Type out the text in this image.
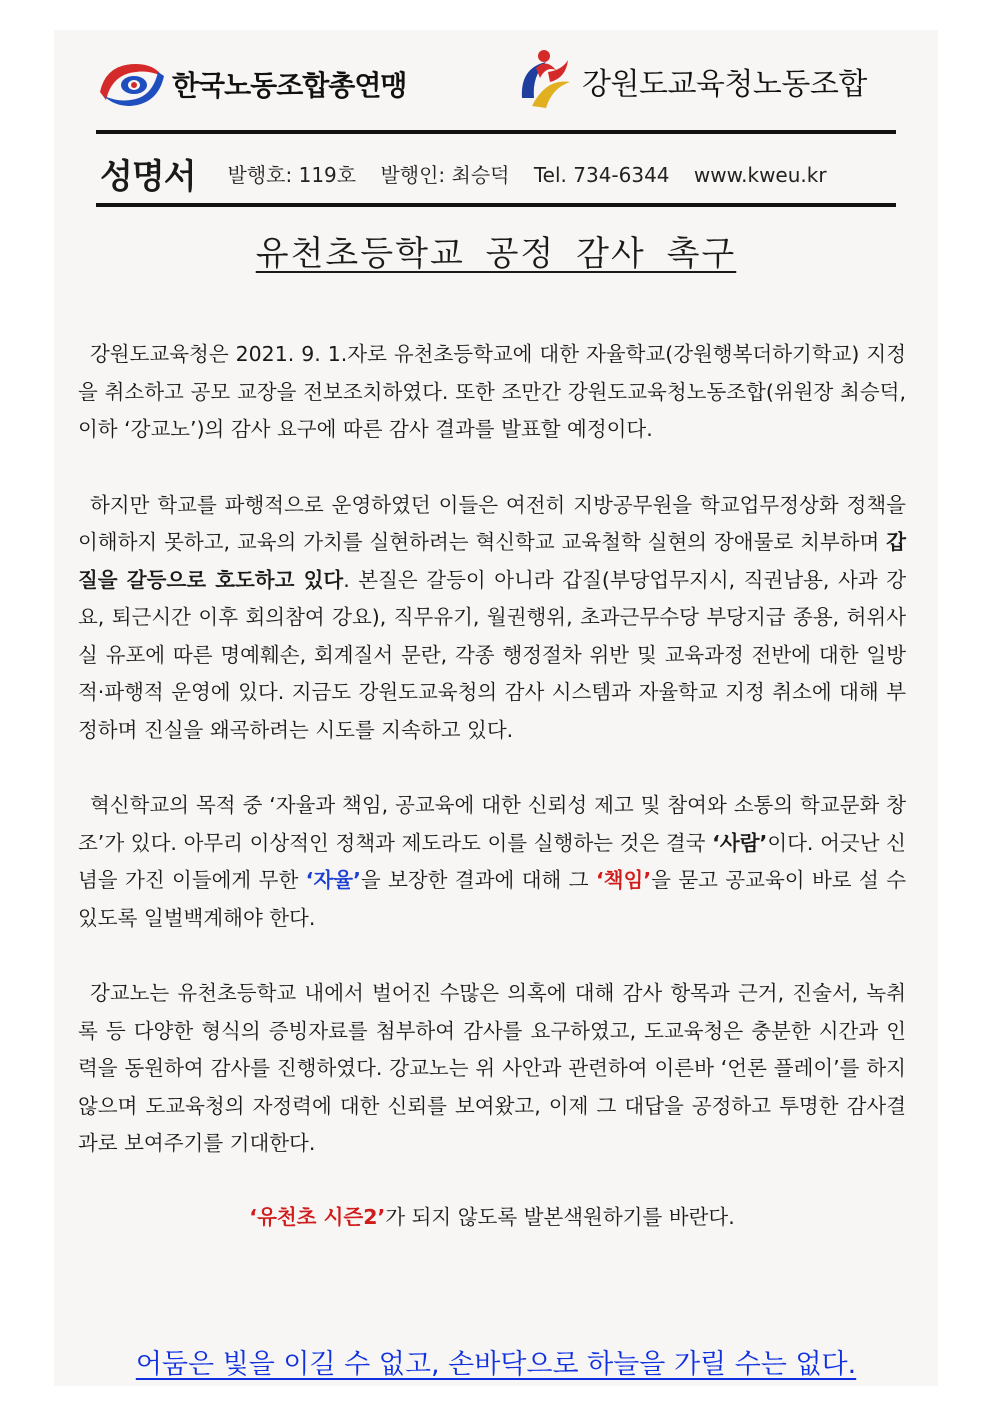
한국노동조합총연맹	강원도교육청노동조합
성명서 발행호: 119호 발행인: 최승덕 Tel. 734-6344 www.kweu.kr
유천초등학교 공정 감사 촉구

강원도교육청은 2021. 9. 1.자로 유천초등학교에 대한 자율학교(강원행복더하기학교) 지정을 취소하고 공모 교장을 전보조치하였다. 또한 조만간 강원도교육청노동조합(위원장 최승덕, 이하 ‘강교노’)의 감사 요구에 따른 감사 결과를 발표할 예정이다.

하지만 학교를 파행적으로 운영하였던 이들은 여전히 지방공무원을 학교업무정상화 정책을 이해하지 못하고, 교육의 가치를 실현하려는 혁신학교 교육철학 실현의 장애물로 치부하며 갑질을 갈등으로 호도하고 있다. 본질은 갈등이 아니라 갑질(부당업무지시, 직권남용, 사과 강요, 퇴근시간 이후 회의참여 강요), 직무유기, 월권행위, 초과근무수당 부당지급 종용, 허위사실 유포에 따른 명예훼손, 회계질서 문란, 각종 행정절차 위반 및 교육과정 전반에 대한 일방적·파행적 운영에 있다. 지금도 강원도교육청의 감사 시스템과 자율학교 지정 취소에 대해 부정하며 진실을 왜곡하려는 시도를 지속하고 있다.

혁신학교의 목적 중 ‘자율과 책임, 공교육에 대한 신뢰성 제고 및 참여와 소통의 학교문화 창조’가 있다. 아무리 이상적인 정책과 제도라도 이를 실행하는 것은 결국 ‘사람’이다. 어긋난 신념을 가진 이들에게 무한 ‘자율’을 보장한 결과에 대해 그 ‘책임’을 묻고 공교육이 바로 설 수 있도록 일벌백계해야 한다.

강교노는 유천초등학교 내에서 벌어진 수많은 의혹에 대해 감사 항목과 근거, 진술서, 녹취록 등 다양한 형식의 증빙자료를 첨부하여 감사를 요구하였고, 도교육청은 충분한 시간과 인력을 동원하여 감사를 진행하였다. 강교노는 위 사안과 관련하여 이른바 ‘언론 플레이’를 하지 않으며 도교육청의 자정력에 대한 신뢰를 보여왔고, 이제 그 대답을 공정하고 투명한 감사결과로 보여주기를 기대한다.

‘유천초 시즌2’가 되지 않도록 발본색원하기를 바란다.
어둠은 빛을 이길 수 없고, 손바닥으로 하늘을 가릴 수는 없다.
